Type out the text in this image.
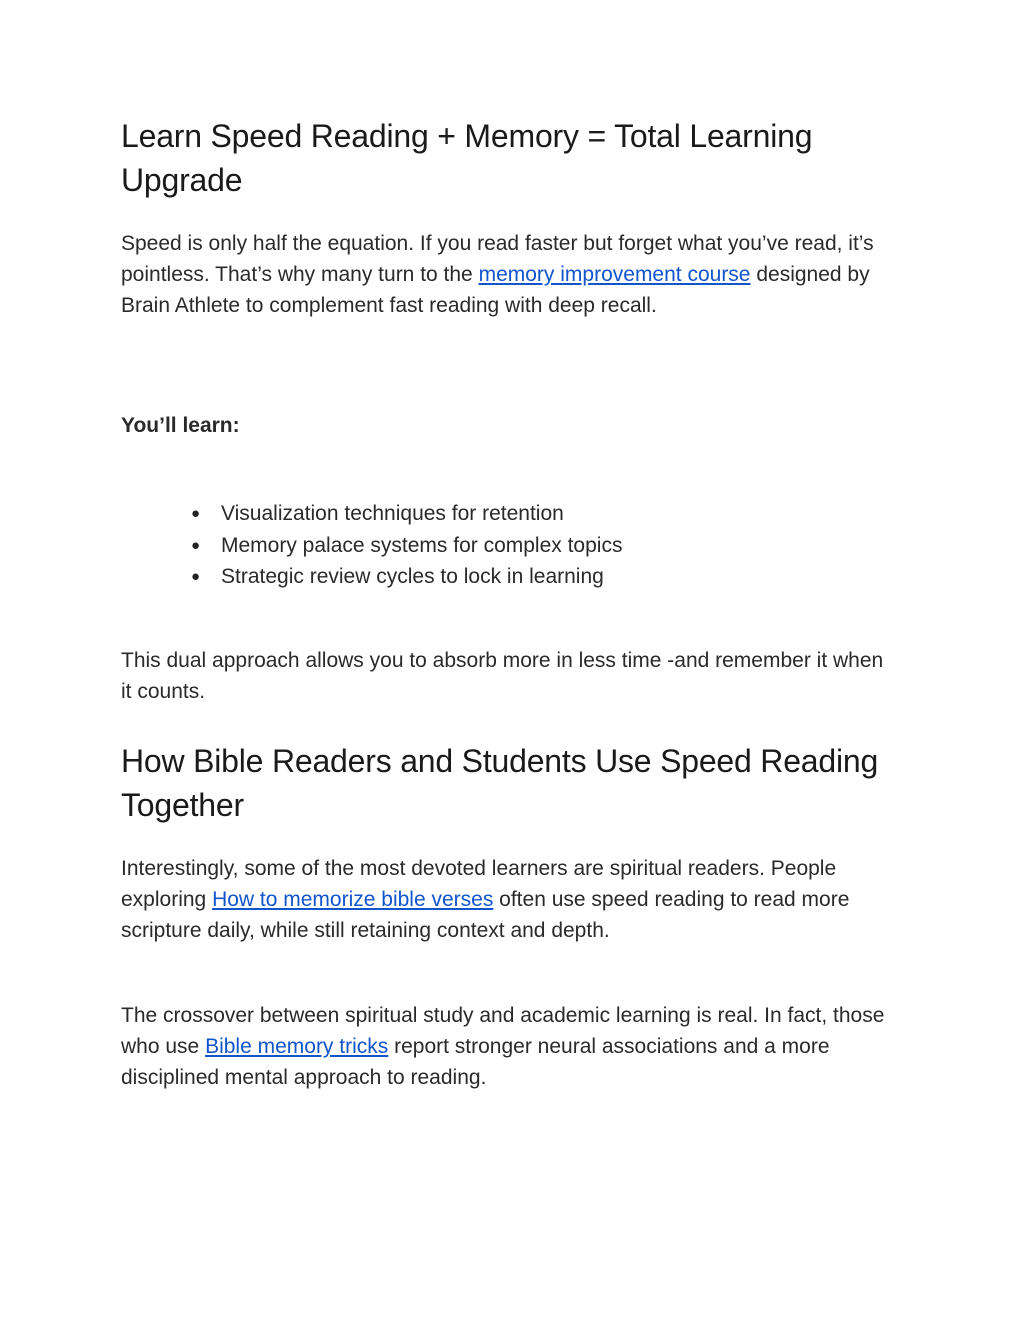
Learn Speed Reading + Memory = Total Learning Upgrade

Speed is only half the equation. If you read faster but forget what you’ve read, it’s pointless. That’s why many turn to the memory improvement course designed by Brain Athlete to complement fast reading with deep recall.

You’ll learn:

● Visualization techniques for retention
● Memory palace systems for complex topics
● Strategic review cycles to lock in learning

This dual approach allows you to absorb more in less time -and remember it when it counts.

How Bible Readers and Students Use Speed Reading Together

Interestingly, some of the most devoted learners are spiritual readers. People exploring How to memorize bible verses often use speed reading to read more scripture daily, while still retaining context and depth.

The crossover between spiritual study and academic learning is real. In fact, those who use Bible memory tricks report stronger neural associations and a more disciplined mental approach to reading.
